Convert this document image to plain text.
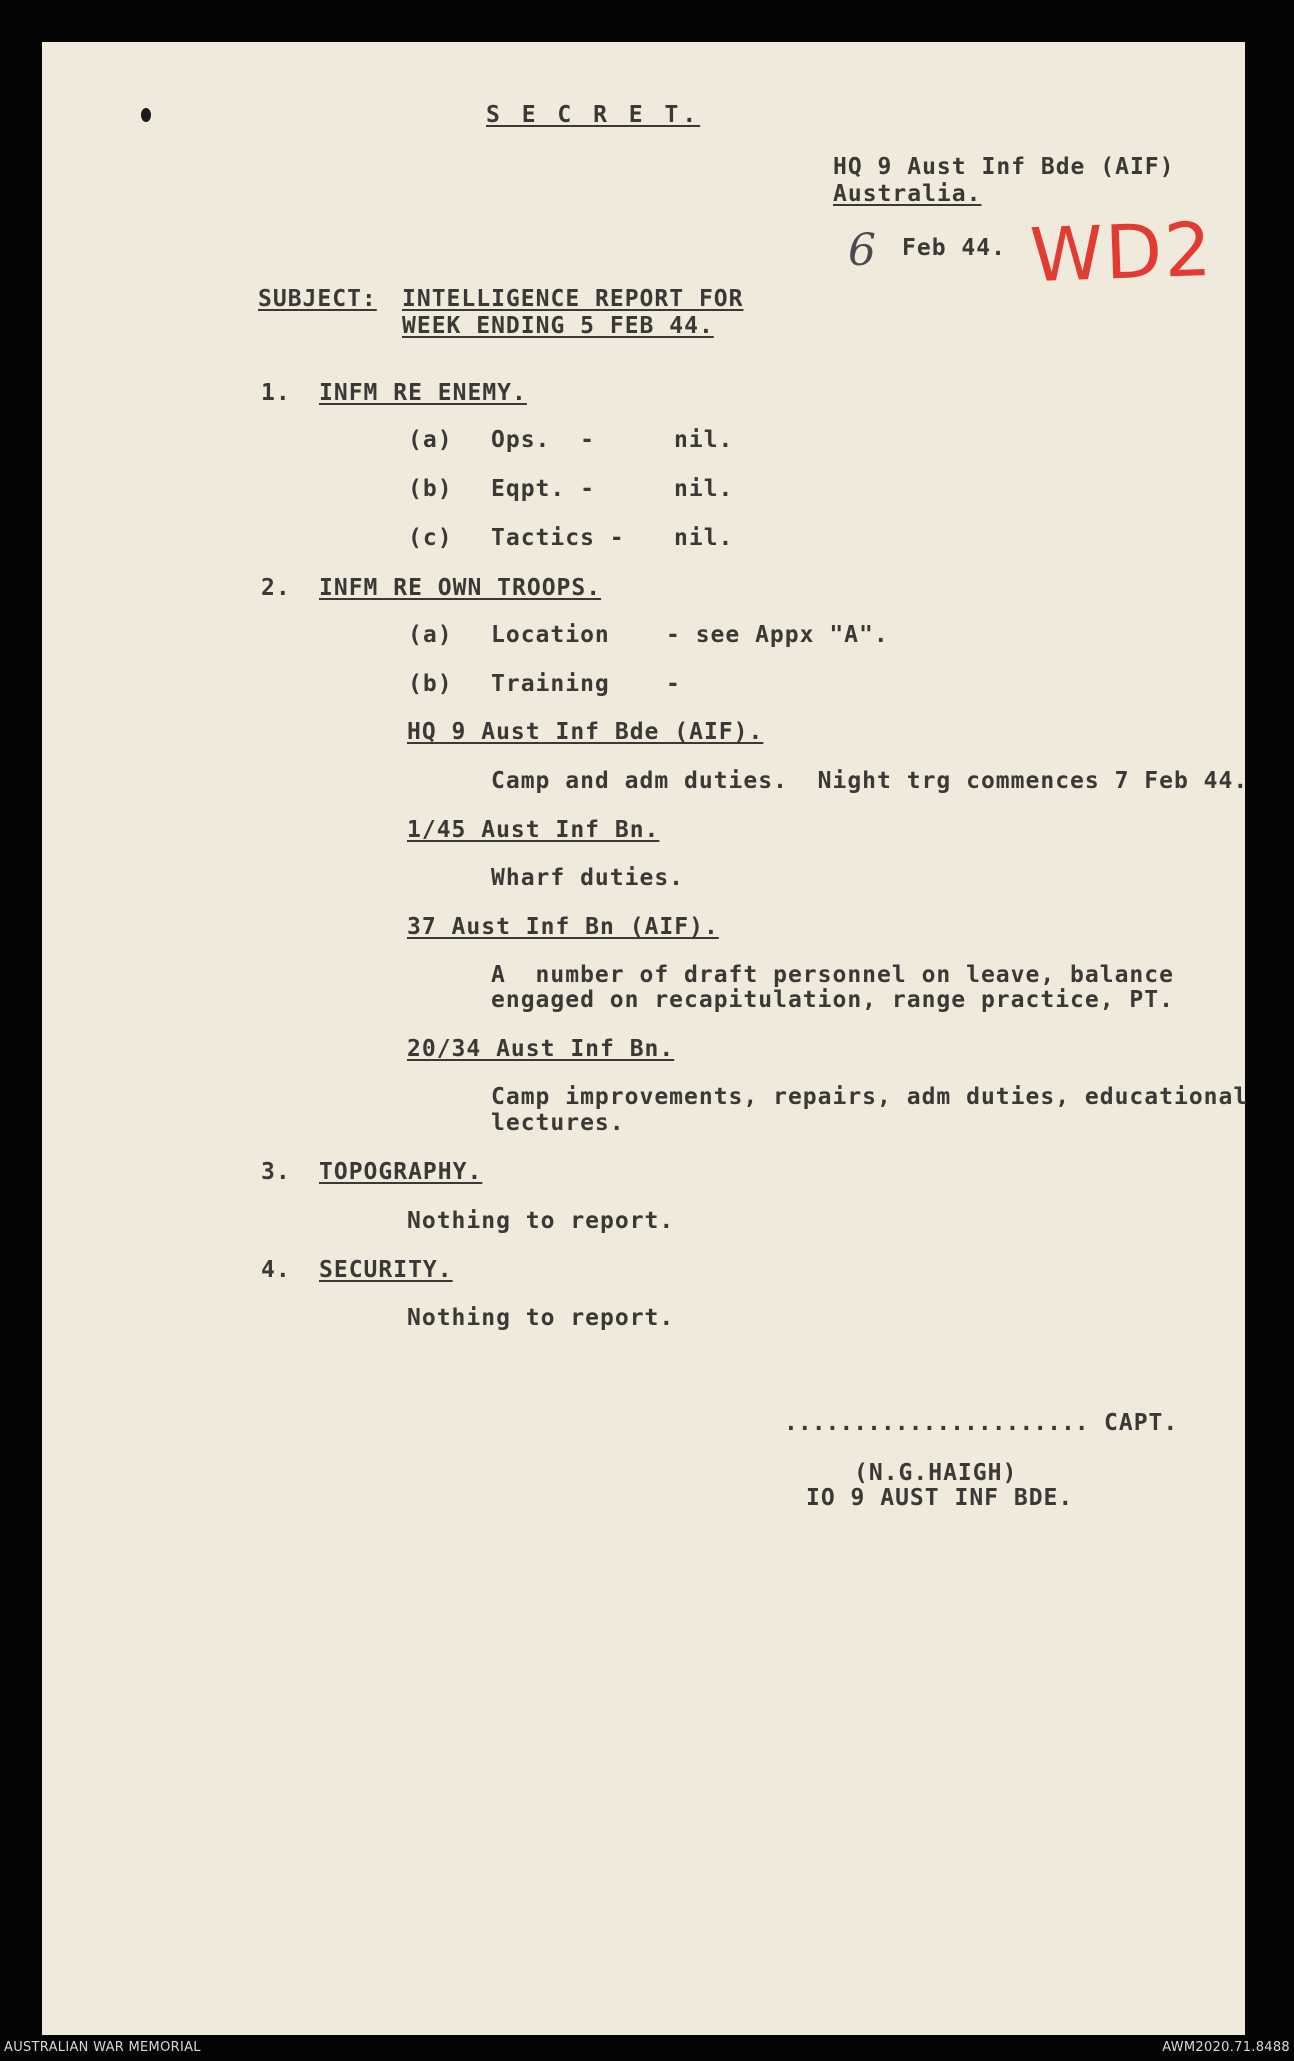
S E C R E T.
HQ 9 Aust Inf Bde (AIF)
Australia.
6 Feb 44. WD2
SUBJECT: INTELLIGENCE REPORT FOR
WEEK ENDING 5 FEB 44.
1. INFM RE ENEMY.
(a) Ops.  -	nil.
(b) Eqpt. -	nil.
(c) Tactics - nil.
2. INFM RE OWN TROOPS.
(a) Location - see Appx "A".
(b) Training -
HQ 9 Aust Inf Bde (AIF).
Camp and adm duties.  Night trg commences 7 Feb 44.
1/45 Aust Inf Bn.
Wharf duties.
37 Aust Inf Bn (AIF).
A  number of draft personnel on leave, balance
engaged on recapitulation, range practice, PT.
20/34 Aust Inf Bn.
Camp improvements, repairs, adm duties, educational
lectures.
3. TOPOGRAPHY.
Nothing to report.
4. SECURITY.
Nothing to report.
...................... CAPT.
(N.G.HAIGH)
IO 9 AUST INF BDE.
AUSTRALIAN WAR MEMORIAL	AWM2020.71.8488
